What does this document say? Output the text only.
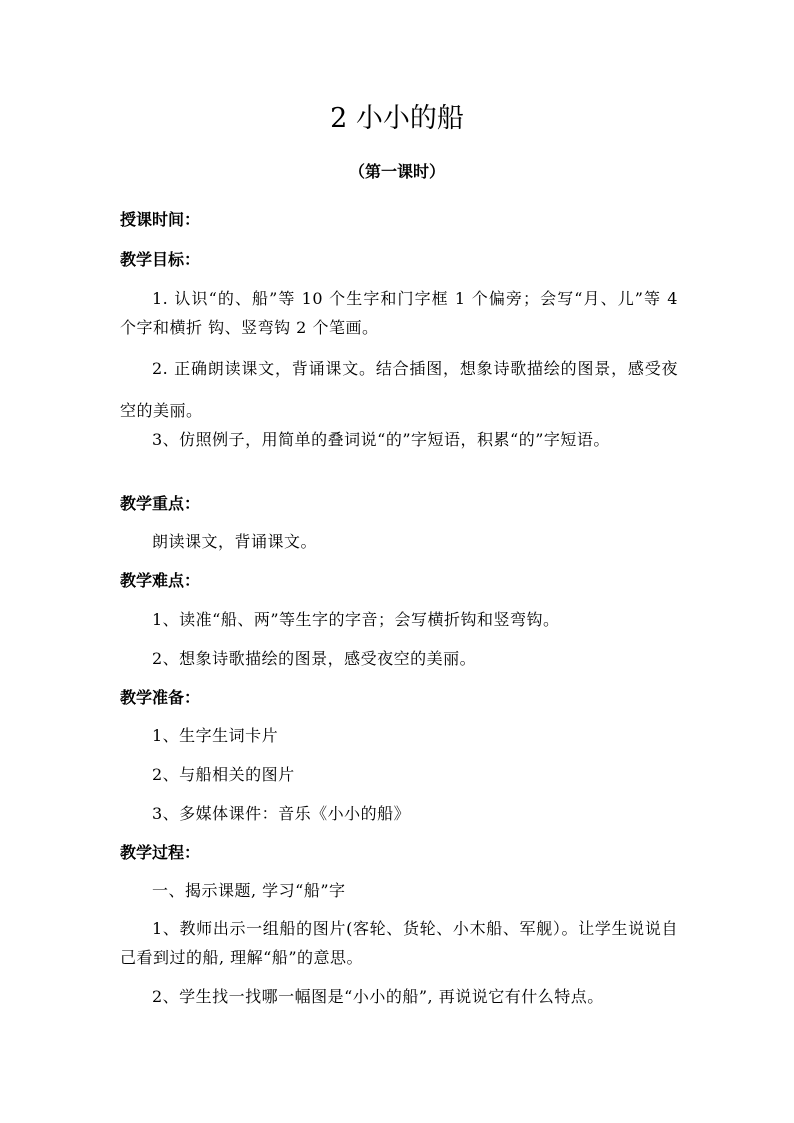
2 小小的船
（第一课时）
授课时间：
教学目标：
1. 认识“的、船”等 10 个生字和门字框 1 个偏旁；会写“月、儿”等 4 个字和横折 钩、竖弯钩 2 个笔画。
2. 正确朗读课文，背诵课文。结合插图，想象诗歌描绘的图景，感受夜空的美丽。
3、仿照例子，用简单的叠词说“的”字短语，积累“的”字短语。
教学重点：
朗读课文，背诵课文。
教学难点：
1、读准“船、两”等生字的字音；会写横折钩和竖弯钩。
2、想象诗歌描绘的图景，感受夜空的美丽。
教学准备：
1、生字生词卡片
2、与船相关的图片
3、多媒体课件：音乐《小小的船》
教学过程：
一、揭示课题, 学习“船”字
1、教师出示一组船的图片(客轮、货轮、小木船、军舰）。让学生说说自己看到过的船, 理解“船”的意思。
2、学生找一找哪一幅图是“小小的船”, 再说说它有什么特点。
